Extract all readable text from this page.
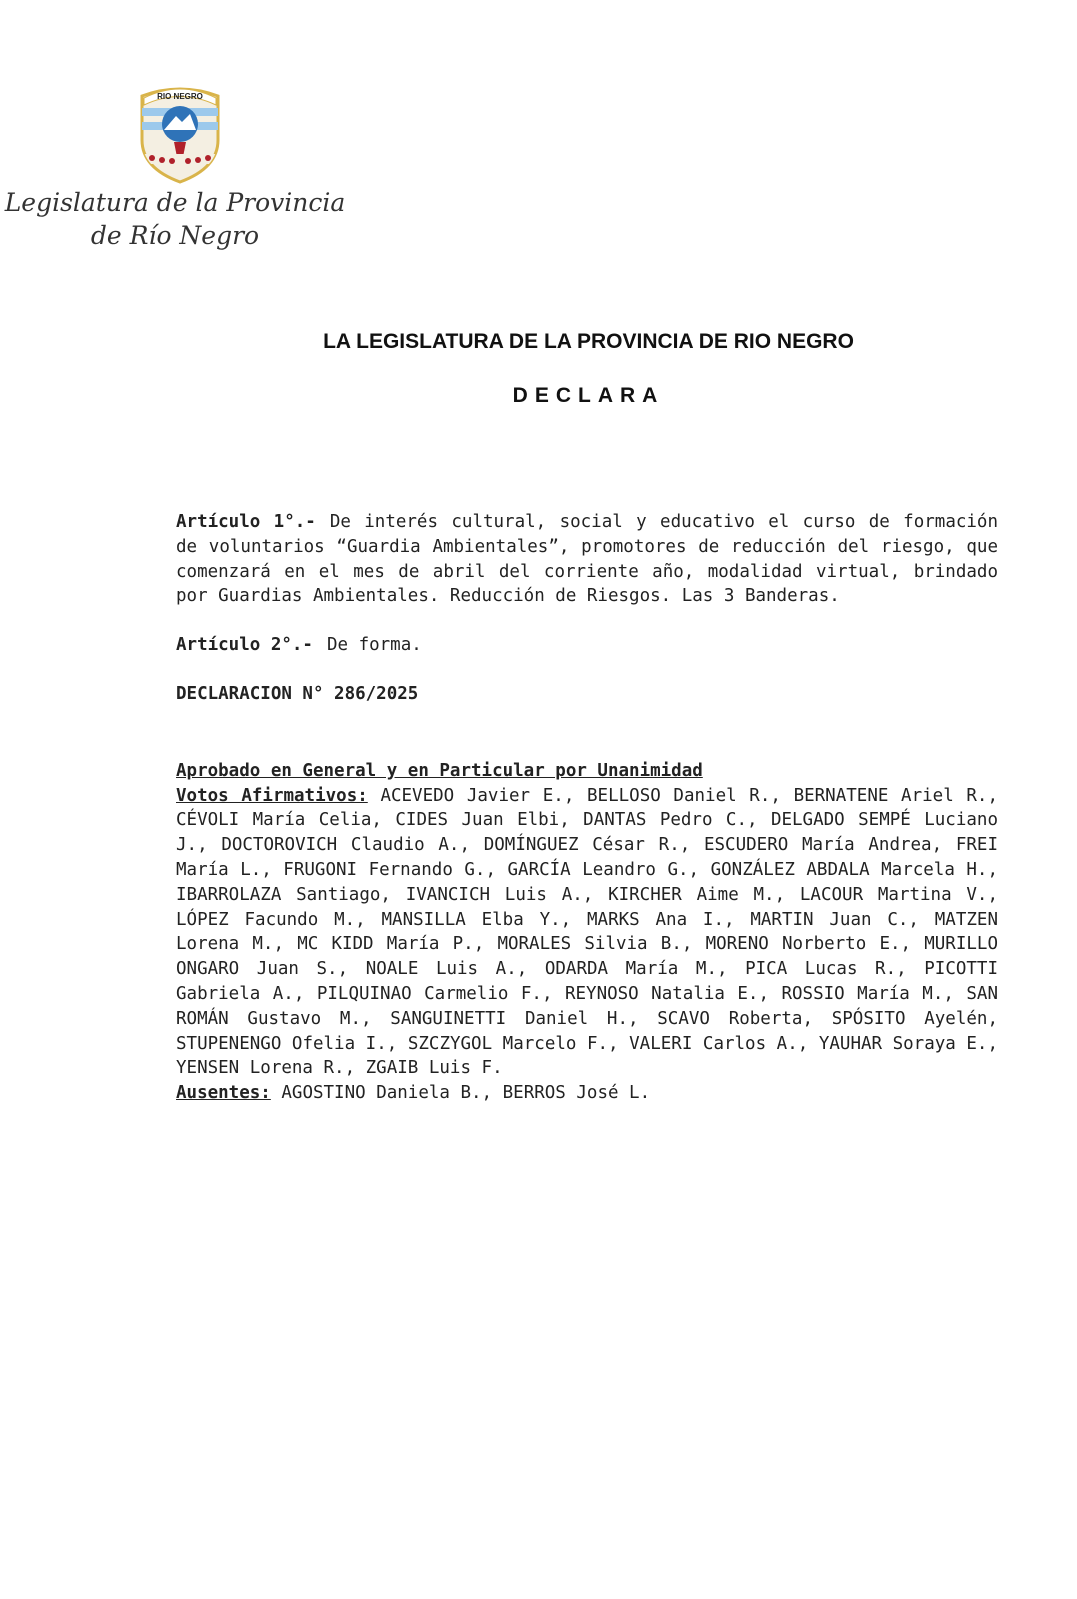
RIO NEGRO
Legislatura de la Provincia
de Río Negro
LA LEGISLATURA DE LA PROVINCIA DE RIO NEGRO
DECLARA

Artículo 1°.- De interés cultural, social y educativo el curso de formación de voluntarios “Guardia Ambientales”, promotores de reducción del riesgo, que comenzará en el mes de abril del corriente año, modalidad virtual, brindado por Guardias Ambientales. Reducción de Riesgos. Las 3 Banderas.

Artículo 2°.- De forma.

DECLARACION N° 286/2025

Aprobado en General y en Particular por Unanimidad

Votos Afirmativos: ACEVEDO Javier E., BELLOSO Daniel R., BERNATENE Ariel R., CÉVOLI María Celia, CIDES Juan Elbi, DANTAS Pedro C., DELGADO SEMPÉ Luciano J., DOCTOROVICH Claudio A., DOMÍNGUEZ César R., ESCUDERO María Andrea, FREI María L., FRUGONI Fernando G., GARCÍA Leandro G., GONZÁLEZ ABDALA Marcela H., IBARROLAZA Santiago, IVANCICH Luis A., KIRCHER Aime M., LACOUR Martina V., LÓPEZ Facundo M., MANSILLA Elba Y., MARKS Ana I., MARTIN Juan C., MATZEN Lorena M., MC KIDD María P., MORALES Silvia B., MORENO Norberto E., MURILLO ONGARO Juan S., NOALE Luis A., ODARDA María M., PICA Lucas R., PICOTTI Gabriela A., PILQUINAO Carmelio F., REYNOSO Natalia E., ROSSIO María M., SAN ROMÁN Gustavo M., SANGUINETTI Daniel H., SCAVO Roberta, SPÓSITO Ayelén, STUPENENGO Ofelia I., SZCZYGOL Marcelo F., VALERI Carlos A., YAUHAR Soraya E., YENSEN Lorena R., ZGAIB Luis F.

Ausentes: AGOSTINO Daniela B., BERROS José L.
